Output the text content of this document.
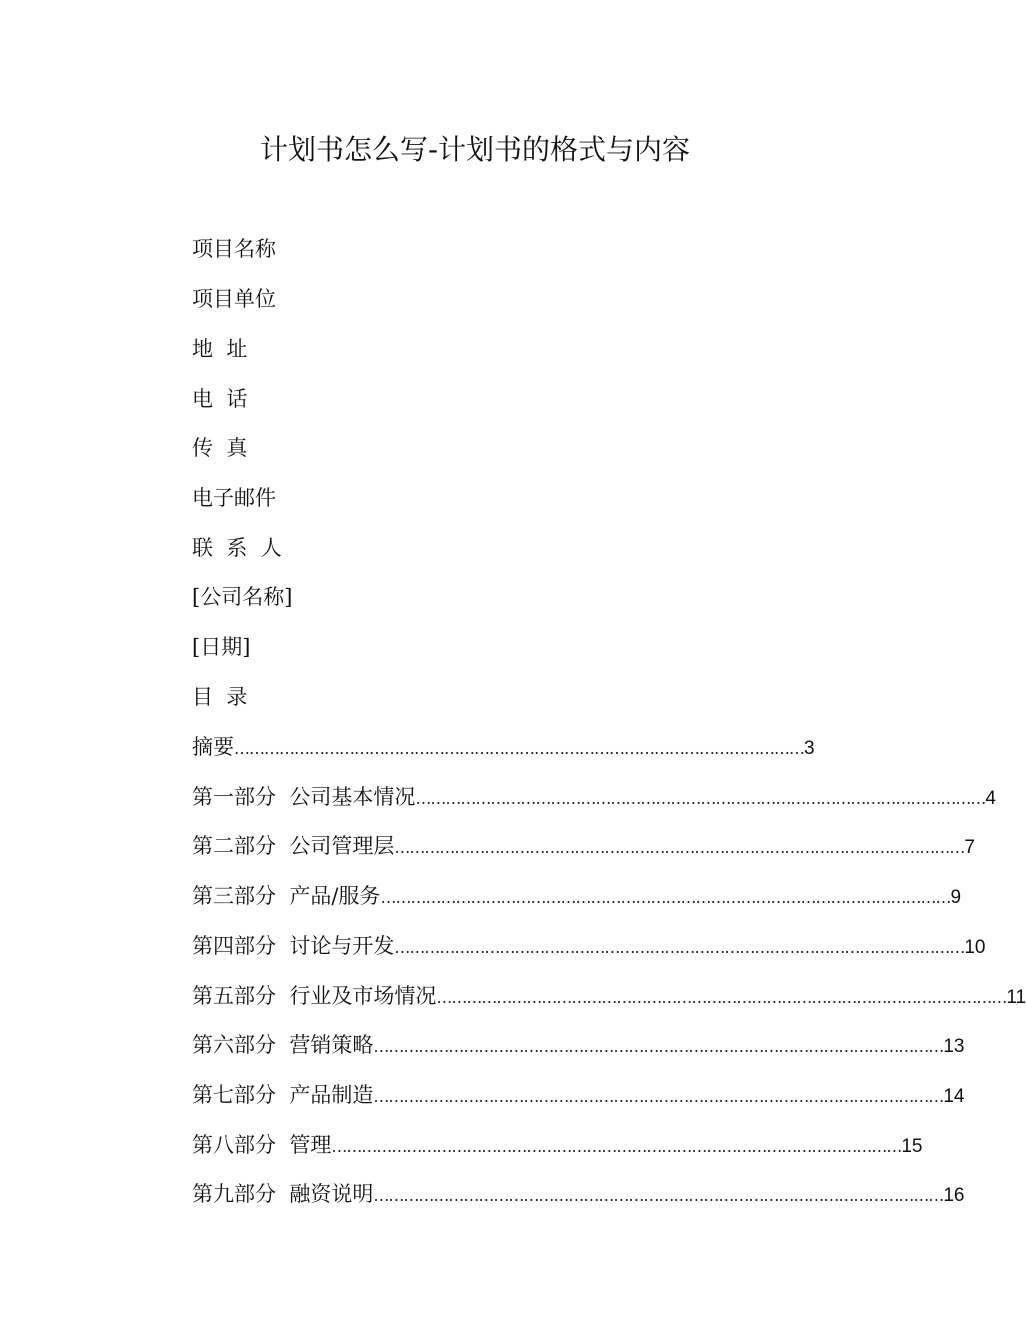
计划书怎么写-计划书的格式与内容
项目名称
项目单位
地  址
电  话
传  真
电子邮件
联  系  人
[公司名称]
[日期]
目  录
摘要 …………………………………………………………………………………………………… 3
第一部分  公司基本情况 …………………………………………………………………………………………………… 4
第二部分  公司管理层 …………………………………………………………………………………………………… 7
第三部分  产品/服务 …………………………………………………………………………………………………… 9
第四部分  讨论与开发 …………………………………………………………………………………………………… 10
第五部分  行业及市场情况 …………………………………………………………………………………………………… 11
第六部分  营销策略 …………………………………………………………………………………………………… 13
第七部分  产品制造 …………………………………………………………………………………………………… 14
第八部分  管理 …………………………………………………………………………………………………… 15
第九部分  融资说明 …………………………………………………………………………………………………… 16
